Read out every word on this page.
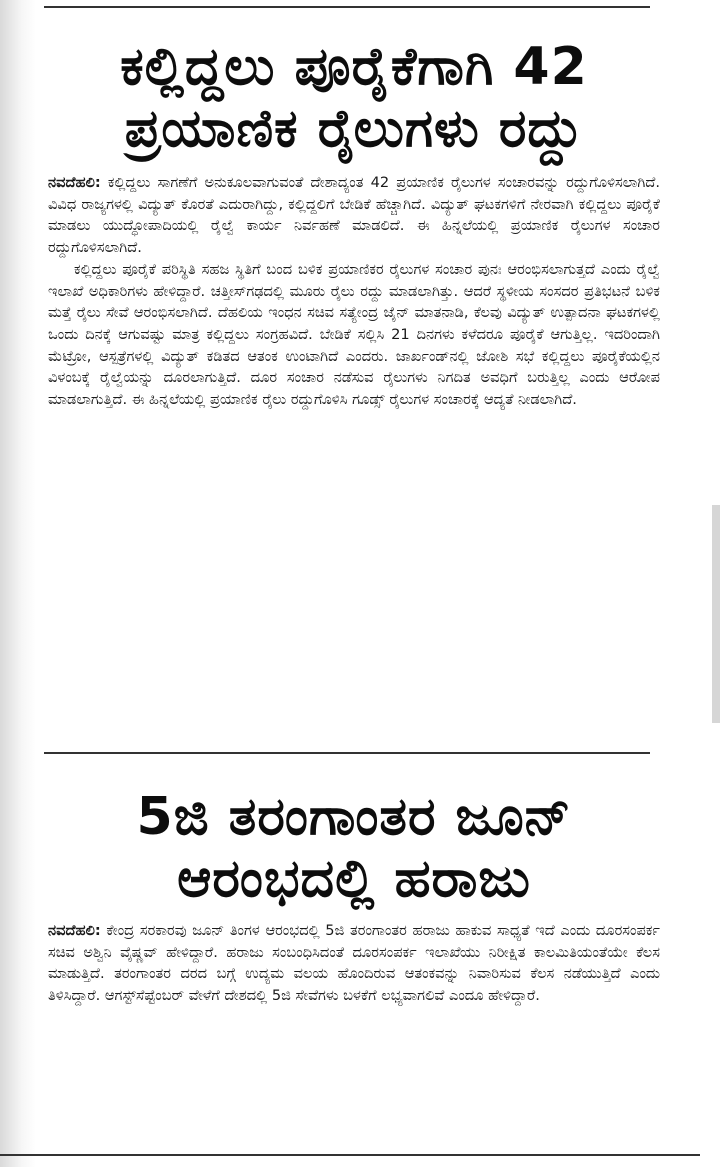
ಕಲ್ಲಿದ್ದಲು ಪೂರೈಕೆಗಾಗಿ 42
ಪ್ರಯಾಣಿಕ ರೈಲುಗಳು ರದ್ದು

ನವದೆಹಲಿ: ಕಲ್ಲಿದ್ದಲು ಸಾಗಣೆಗೆ ಅನುಕೂಲವಾಗುವಂತೆ ದೇಶಾದ್ಯಂತ 42 ಪ್ರಯಾಣಿಕ ರೈಲುಗಳ ಸಂಚಾರವನ್ನು ರದ್ದುಗೊಳಿಸಲಾಗಿದೆ. ವಿವಿಧ ರಾಜ್ಯಗಳಲ್ಲಿ ವಿದ್ಯುತ್ ಕೊರತೆ ಎದುರಾಗಿದ್ದು, ಕಲ್ಲಿದ್ದಲಿಗೆ ಬೇಡಿಕೆ ಹೆಚ್ಚಾಗಿದೆ. ವಿದ್ಯುತ್ ಘಟಕಗಳಿಗೆ ನೇರವಾಗಿ ಕಲ್ಲಿದ್ದಲು ಪೂರೈಕೆ ಮಾಡಲು ಯುದ್ಧೋಪಾದಿಯಲ್ಲಿ ರೈಲ್ವೆ ಕಾರ್ಯ ನಿರ್ವಹಣೆ ಮಾಡಲಿದೆ. ಈ ಹಿನ್ನಲೆಯಲ್ಲಿ ಪ್ರಯಾಣಿಕ ರೈಲುಗಳ ಸಂಚಾರ ರದ್ದುಗೊಳಿಸಲಾಗಿದೆ.

ಕಲ್ಲಿದ್ದಲು ಪೂರೈಕೆ ಪರಿಸ್ಥಿತಿ ಸಹಜ ಸ್ಥಿತಿಗೆ ಬಂದ ಬಳಿಕ ಪ್ರಯಾಣಿಕರ ರೈಲುಗಳ ಸಂಚಾರ ಪುನಃ ಆರಂಭಿಸಲಾಗುತ್ತದೆ ಎಂದು ರೈಲ್ವೆ ಇಲಾಖೆ ಅಧಿಕಾರಿಗಳು ಹೇಳಿದ್ದಾರೆ. ಚತ್ತೀಸ್‌ಗಢದಲ್ಲಿ ಮೂರು ರೈಲು ರದ್ದು ಮಾಡಲಾಗಿತ್ತು. ಆದರೆ ಸ್ಥಳೀಯ ಸಂಸದರ ಪ್ರತಿಭಟನೆ ಬಳಿಕ ಮತ್ತೆ ರೈಲು ಸೇವೆ ಆರಂಭಿಸಲಾಗಿದೆ. ದೆಹಲಿಯ ಇಂಧನ ಸಚಿವ ಸತ್ಯೇಂದ್ರ ಜೈನ್ ಮಾತನಾಡಿ, ಕೆಲವು ವಿದ್ಯುತ್ ಉತ್ಪಾದನಾ ಘಟಕಗಳಲ್ಲಿ ಒಂದು ದಿನಕ್ಕೆ ಆಗುವಷ್ಟು ಮಾತ್ರ ಕಲ್ಲಿದ್ದಲು ಸಂಗ್ರಹವಿದೆ. ಬೇಡಿಕೆ ಸಲ್ಲಿಸಿ 21 ದಿನಗಳು ಕಳೆದರೂ ಪೂರೈಕೆ ಆಗುತ್ತಿಲ್ಲ. ಇದರಿಂದಾಗಿ ಮೆಟ್ರೋ, ಆಸ್ಪತ್ರೆಗಳಲ್ಲಿ ವಿದ್ಯುತ್ ಕಡಿತದ ಆತಂಕ ಉಂಟಾಗಿದೆ ಎಂದರು. ಜಾರ್ಖಂಡ್‌ನಲ್ಲಿ ಜೋಶಿ ಸಭೆ ಕಲ್ಲಿದ್ದಲು ಪೂರೈಕೆಯಲ್ಲಿನ ವಿಳಂಬಕ್ಕೆ ರೈಲ್ವೆಯನ್ನು ದೂರಲಾಗುತ್ತಿದೆ. ದೂರ ಸಂಚಾರ ನಡೆಸುವ ರೈಲುಗಳು ನಿಗದಿತ ಅವಧಿಗೆ ಬರುತ್ತಿಲ್ಲ ಎಂದು ಆರೋಪ ಮಾಡಲಾಗುತ್ತಿದೆ. ಈ ಹಿನ್ನಲೆಯಲ್ಲಿ ಪ್ರಯಾಣಿಕ ರೈಲು ರದ್ದುಗೊಳಿಸಿ ಗೂಡ್ಸ್ ರೈಲುಗಳ ಸಂಚಾರಕ್ಕೆ ಆದ್ಯತೆ ನೀಡಲಾಗಿದೆ.

5ಜಿ ತರಂಗಾಂತರ ಜೂನ್
ಆರಂಭದಲ್ಲಿ ಹರಾಜು

ನವದೆಹಲಿ: ಕೇಂದ್ರ ಸರಕಾರವು ಜೂನ್ ತಿಂಗಳ ಆರಂಭದಲ್ಲಿ 5ಜಿ ತರಂಗಾಂತರ ಹರಾಜು ಹಾಕುವ ಸಾಧ್ಯತೆ ಇದೆ ಎಂದು ದೂರಸಂಪರ್ಕ ಸಚಿವ ಅಶ್ವಿನಿ ವೈಷ್ಣವ್ ಹೇಳಿದ್ದಾರೆ. ಹರಾಜು ಸಂಬಂಧಿಸಿದಂತೆ ದೂರಸಂಪರ್ಕ ಇಲಾಖೆಯು ನಿರೀಕ್ಷಿತ ಕಾಲಮಿತಿಯಂತೆಯೇ ಕೆಲಸ ಮಾಡುತ್ತಿದೆ. ತರಂಗಾಂತರ ದರದ ಬಗ್ಗೆ ಉದ್ಯಮ ವಲಯ ಹೊಂದಿರುವ ಆತಂಕವನ್ನು ನಿವಾರಿಸುವ ಕೆಲಸ ನಡೆಯುತ್ತಿದೆ ಎಂದು ತಿಳಿಸಿದ್ದಾರೆ. ಆಗಸ್ಟ್‌ಸೆಪ್ಟೆಂಬರ್ ವೇಳೆಗೆ ದೇಶದಲ್ಲಿ 5ಜಿ ಸೇವೆಗಳು ಬಳಕೆಗೆ ಲಭ್ಯವಾಗಲಿವೆ ಎಂದೂ ಹೇಳಿದ್ದಾರೆ.
